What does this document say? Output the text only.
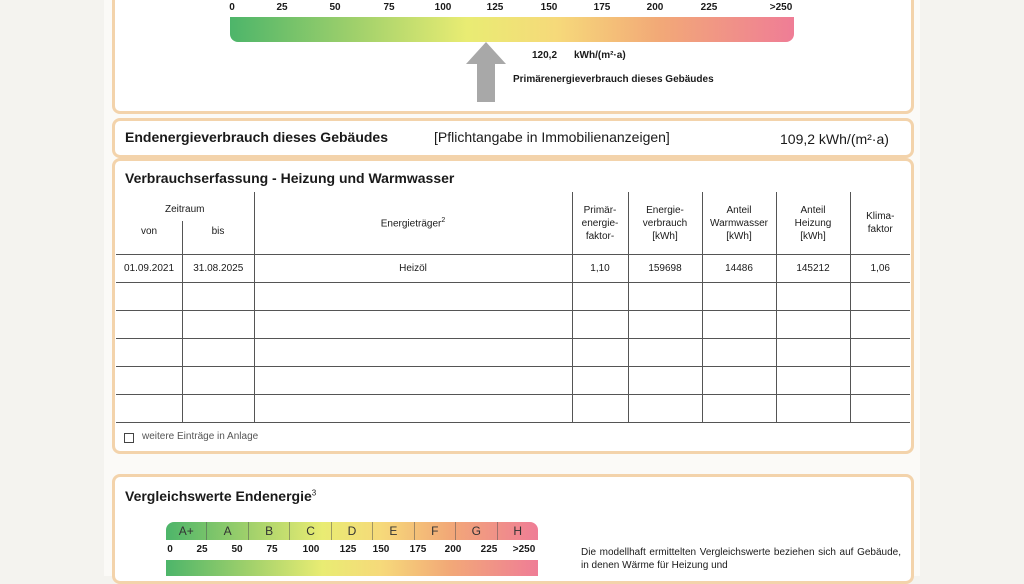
0	25	50	75	100	125	150	175	200	225	>250
120,2 kWh/(m²·a)
Primärenergieverbrauch dieses Gebäudes
Endenergieverbrauch dieses Gebäudes	[Pflichtangabe in Immobilienanzeigen]	109,2 kWh/(m²·a)
Verbrauchserfassung - Heizung und Warmwasser
Zeitraum
von bis	Energieträger$^2$	Primär-
energie-
faktor-	Energie-
verbrauch
[kWh]	Anteil
Warmwasser
[kWh]	Anteil
Heizung
[kWh]	Klima-
faktor

01.09.2021 31.08.2025	Heizöl	1,10	159698	14486	145212	1,06

weitere Einträge in Anlage
Vergleichswerte Endenergie$^3$
A+	A	B	C	D	E	F	G	H
0 25 50 75	100 125 150 175 200 225 >250	Die modellhaft ermittelten Vergleichswerte beziehen sich auf Gebäude, in denen Wärme für Heizung und
